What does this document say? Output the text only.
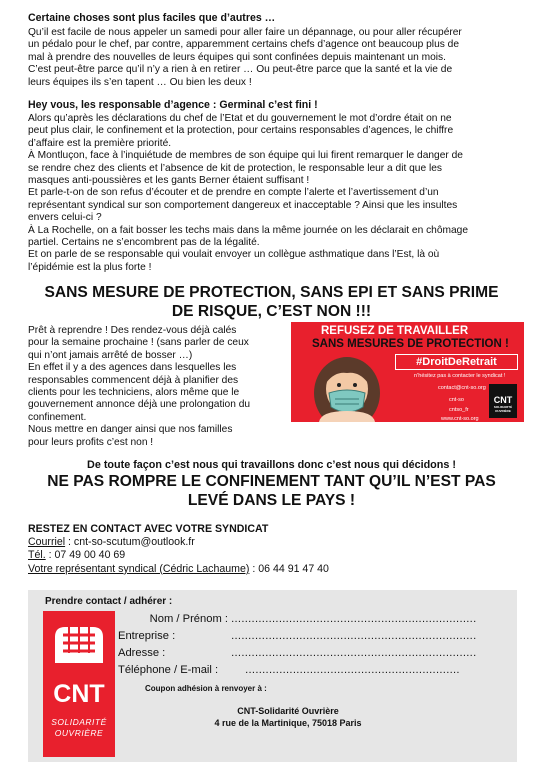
Certaine choses sont plus faciles que d’autres …
Qu’il est facile de nous appeler un samedi pour aller faire un dépannage, ou pour aller récupérer
un pédalo pour le chef, par contre, apparemment certains chefs d’agence ont beaucoup plus de
mal à prendre des nouvelles de leurs équipes qui sont confinées depuis maintenant un mois.
C’est peut-être parce qu’il n’y a rien à en retirer … Ou peut-être parce que la santé et la vie de
leurs équipes ils s’en tapent … Ou bien les deux !
Hey vous, les responsable d’agence : Germinal c’est fini !
Alors qu’après les déclarations du chef de l’Etat et du gouvernement le mot d’ordre était on ne
peut plus clair, le confinement et la protection, pour certains responsables d’agences, le chiffre
d’affaire est la première priorité.
À Montluçon, face à l’inquiétude de membres de son équipe qui lui firent remarquer le danger de
se rendre chez des clients et l’absence de kit de protection, le responsable leur a dit que les
masques anti-poussières et les gants Berner étaient suffisant !
Et parle-t-on de son refus d’écouter et de prendre en compte l’alerte et l’avertissement d’un
représentant syndical sur son comportement dangereux et inacceptable ? Ainsi que les insultes
envers celui-ci ?
À La Rochelle, on a fait bosser les techs mais dans la même journée on les déclarait en chômage
partiel. Certains ne s’encombrent pas de la légalité.
Et on parle de se responsable qui voulait envoyer un collègue asthmatique dans l’Est, là où
l’épidémie est la plus forte !
SANS MESURE DE PROTECTION, SANS EPI ET SANS PRIME
DE RISQUE, C’EST NON !!!
Prêt à reprendre ! Des rendez-vous déjà calés
pour la semaine prochaine ! (sans parler de ceux
qui n’ont jamais arrêté de bosser …)
En effet il y a des agences dans lesquelles les
responsables commencent déjà à planifier des
clients pour les techniciens, alors même que le
gouvernement annonce déjà une prolongation du
confinement.
Nous mettre en danger ainsi que nos familles
pour leurs profits c’est non !
REFUSEZ DE TRAVAILLER
SANS MESURES DE PROTECTION !
#DroitDeRetrait
n’hésitez pas à contacter le syndicat !
contact@cnt-so.org
cnt-so
cntso_fr
www.cnt-so.org
CNT
SOLIDARITÉ OUVRIÈRE
De toute façon c’est nous qui travaillons donc c’est nous qui décidons !
NE PAS ROMPRE LE CONFINEMENT TANT QU’IL N’EST PAS
LEVÉ DANS LE PAYS !
RESTEZ EN CONTACT AVEC VOTRE SYNDICAT
Courriel : cnt-so-scutum@outlook.fr
Tél. : 07 49 00 40 69
Votre représentant syndical (Cédric Lachaume) : 06 44 91 47 40
Prendre contact / adhérer :
CNT
SOLIDARITÉ
OUVRIÈRE
Nom / Prénom : ........................................................................
Entreprise :	........................................................................
Adresse :	........................................................................
Téléphone / E-mail : ...............................................................
Coupon adhésion à renvoyer à :
CNT-Solidarité Ouvrière
4 rue de la Martinique, 75018 Paris
